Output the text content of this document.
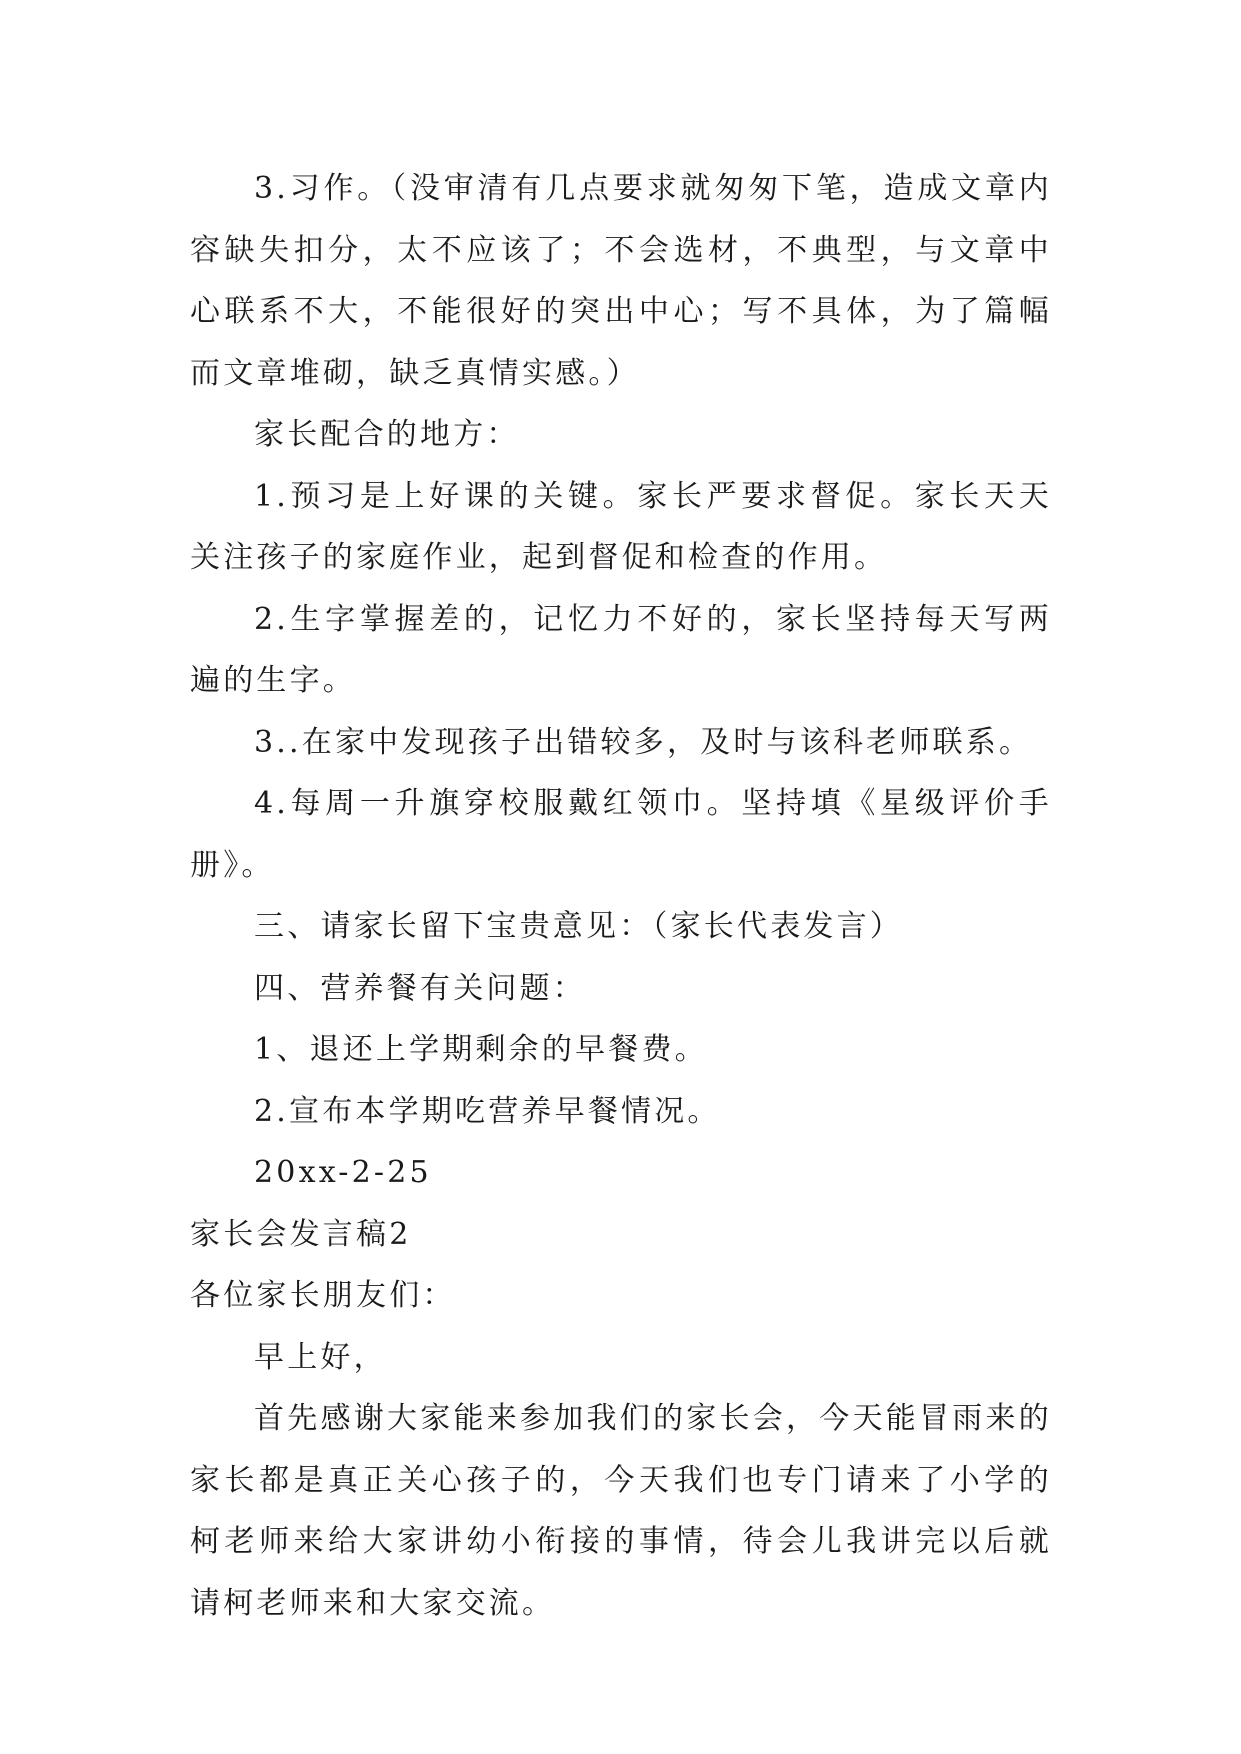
3.习作。（没审清有几点要求就匆匆下笔，造成文章内容缺失扣分，太不应该了；不会选材，不典型，与文章中心联系不大，不能很好的突出中心；写不具体，为了篇幅而文章堆砌，缺乏真情实感。）

家长配合的地方：

1.预习是上好课的关键。家长严要求督促。家长天天关注孩子的家庭作业，起到督促和检查的作用。

2.生字掌握差的，记忆力不好的，家长坚持每天写两遍的生字。

3..在家中发现孩子出错较多，及时与该科老师联系。

4.每周一升旗穿校服戴红领巾。坚持填《星级评价手册》。

三、请家长留下宝贵意见：（家长代表发言）

四、营养餐有关问题：

1、退还上学期剩余的早餐费。

2.宣布本学期吃营养早餐情况。

20xx-2-25

家长会发言稿2

各位家长朋友们：

早上好，

首先感谢大家能来参加我们的家长会，今天能冒雨来的家长都是真正关心孩子的，今天我们也专门请来了小学的柯老师来给大家讲幼小衔接的事情，待会儿我讲完以后就请柯老师来和大家交流。
